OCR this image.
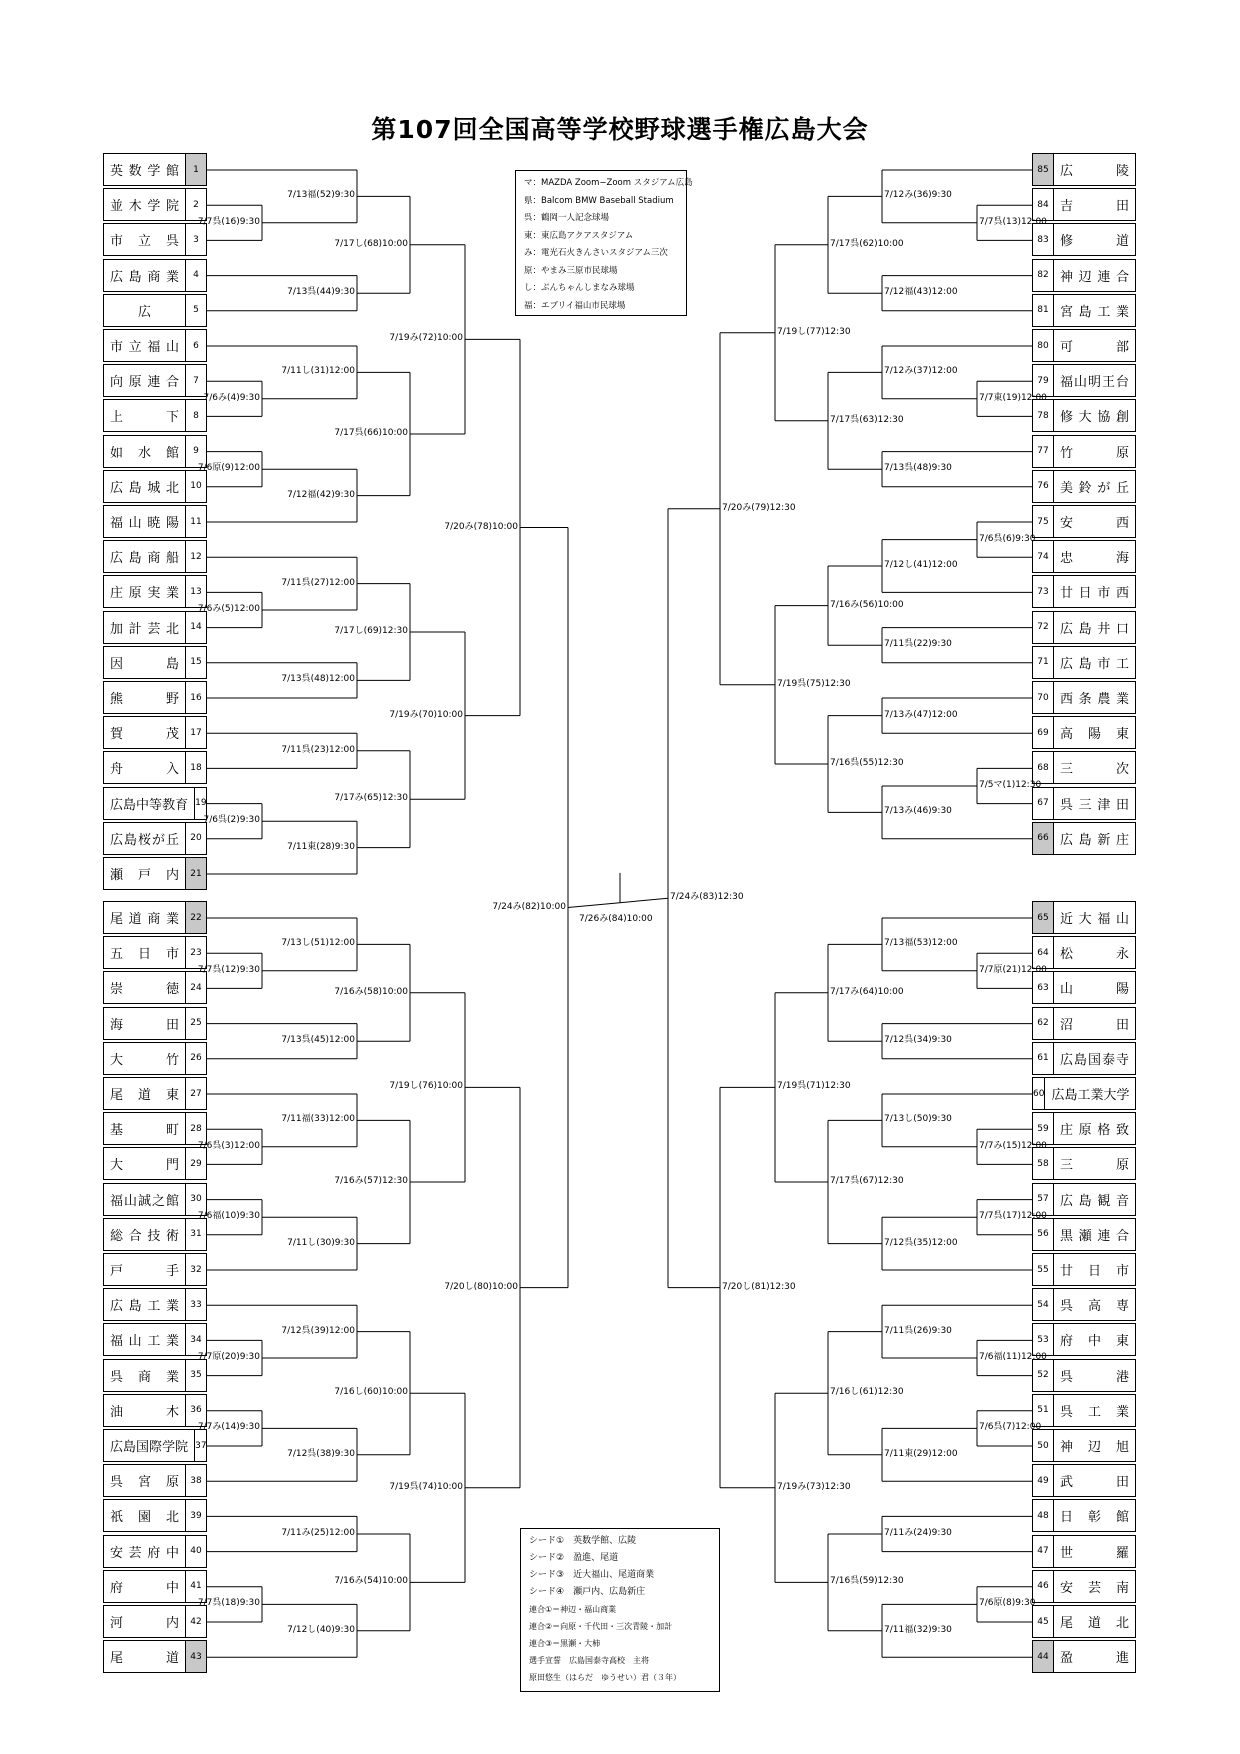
第107回全国高等学校野球選手権広島大会
英 数 学 館	1
並 木 学 院	2
市 立 呉	3
広 島 商 業	4
広	5
市 立 福 山	6
向 原 連 合	7
上	下	8
如 水 館	9
広 島 城 北	10
福 山 暁 陽	11
広 島 商 船	12
庄 原 実 業	13
加 計 芸 北	14
因	島	15
熊	野	16
賀	茂	17
舟	入	18
広 島 中 等 教 育 19
広 島 桜 が 丘	20
瀬 戸 内	21
尾 道 商 業	22
五 日 市	23
崇	徳	24
海	田	25
大	竹	26
尾 道 東	27
基	町	28
大	門	29
福 山 誠 之 館	30
総 合 技 術	31
戸	手	32
広 島 工 業	33
福 山 工 業	34
呉 商 業	35
油	木	36
広 島 国 際 学 院 37
呉 宮 原	38
祇 園 北	39
安 芸 府 中	40
府	中	41
河	内	42
尾	道	43
85 広	陵
84 吉	田
83 修	道
82 神 辺 連 合
81 宮 島 工 業
80 可	部
79 福 山 明 王 台
78 修 大 協 創
77 竹	原
76 美 鈴 が 丘
75 安	西
74 忠	海
73 廿 日 市 西
72 広 島 井 口
71 広 島 市 工
70 西 条 農 業
69 高 陽 東
68 三	次
67 呉 三 津 田
66 広 島 新 庄
65 近 大 福 山
64 松	永
63 山	陽
62 沼	田
61 広 島 国 泰 寺
60 広 島 工 業 大 学
59 庄 原 格 致
58 三	原
57 広 島 観 音
56 黒 瀬 連 合
55 廿 日 市
54 呉 高 専
53 府 中 東
52 呉	港
51 呉 工 業
50 神 辺 旭
49 武	田
48 日 彰 館
47 世	羅
46 安 芸 南
45 尾 道 北
44 盈	進
7/7呉(16)9:30
7/13福(52)9:30
7/13呉(44)9:30
7/17し(68)10:00
7/6み(4)9:30
7/11し(31)12:00
7/6原(9)12:00
7/12福(42)9:30
7/17呉(66)10:00
7/19み(72)10:00
7/6み(5)12:00
7/11呉(27)12:00
7/13呉(48)12:00
7/17し(69)12:30
7/11呉(23)12:00
7/6呉(2)9:30
7/11東(28)9:30
7/17み(65)12:30
7/19み(70)10:00
7/20み(78)10:00
7/7呉(12)9:30
7/13し(51)12:00
7/13呉(45)12:00
7/16み(58)10:00
7/6呉(3)12:00
7/11福(33)12:00
7/6福(10)9:30
7/11し(30)9:30
7/16み(57)12:30
7/19し(76)10:00
7/7原(20)9:30
7/12呉(39)12:00
7/7み(14)9:30
7/12呉(38)9:30
7/16し(60)10:00
7/11み(25)12:00
7/7呉(18)9:30
7/12し(40)9:30
7/16み(54)10:00
7/19呉(74)10:00
7/20し(80)10:00
7/24み(82)10:00
7/7呉(13)12:00
7/12み(36)9:30
7/12福(43)12:00
7/17呉(62)10:00
7/7東(19)12:00
7/12み(37)12:00
7/13呉(48)9:30
7/17呉(63)12:30
7/19し(77)12:30
7/6呉(6)9:30
7/12し(41)12:00
7/11呉(22)9:30
7/16み(56)10:00
7/13み(47)12:00
7/5マ(1)12:30
7/13み(46)9:30
7/16呉(55)12:30
7/19呉(75)12:30
7/20み(79)12:30
7/7原(21)12:00
7/13福(53)12:00
7/12呉(34)9:30
7/17み(64)10:00
7/7み(15)12:00
7/13し(50)9:30
7/7呉(17)12:00
7/12呉(35)12:00
7/17呉(67)12:30
7/19呉(71)12:30
7/6福(11)12:00
7/11呉(26)9:30
7/6呉(7)12:00
7/11東(29)12:00
7/16し(61)12:30
7/11み(24)9:30
7/6原(8)9:30
7/11福(32)9:30
7/16呉(59)12:30
7/19み(73)12:30
7/20し(81)12:30
7/24み(83)12:30
7/26み(84)10:00
マ：MAZDA Zoom−Zoom スタジアム広島
県：Balcom BMW Baseball Stadium
呉：鶴岡一人記念球場
東：東広島アクアスタジアム
み：電光石火きんさいスタジアム三次
原：やまみ三原市民球場
し：ぶんちゃんしまなみ球場
福：エブリイ福山市民球場
シード①　英数学館、広陵
シード②　盈進、尾道
シード③　近大福山、尾道商業
シード④　瀬戸内、広島新庄
連合①＝神辺・福山商業
連合②＝向原・千代田・三次青陵・加計
連合③＝黒瀬・大柿
選手宣誓　広島国泰寺高校　主将
原田悠生（はらだ　ゆうせい）君（３年）
